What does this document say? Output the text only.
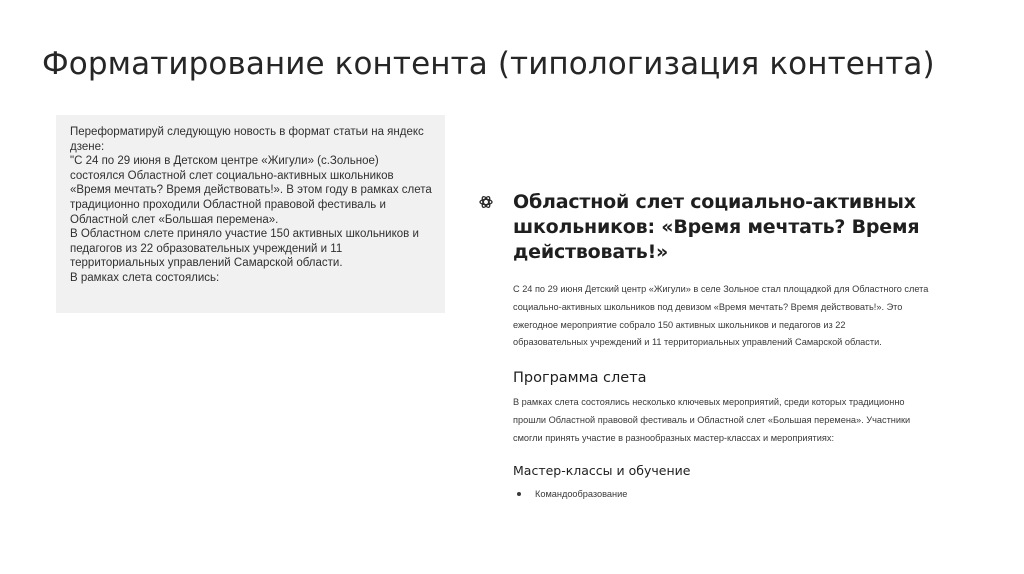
Форматирование контента (типологизация контента)
Переформатируй следующую новость в формат статьи на яндекс
дзене:
"С 24 по 29 июня в Детском центре «Жигули» (с.Зольное)
состоялся Областной слет социально-активных школьников
«Время мечтать? Время действовать!». В этом году в рамках слета
традиционно проходили Областной правовой фестиваль и
Областной слет «Большая перемена».
В Областном слете приняло участие 150 активных школьников и
педагогов из 22 образовательных учреждений и 11
территориальных управлений Самарской области.
В рамках слета состоялись:
Областной слет социально-активных
школьников: «Время мечтать? Время
действовать!»
С 24 по 29 июня Детский центр «Жигули» в селе Зольное стал площадкой для Областного слета
социально-активных школьников под девизом «Время мечтать? Время действовать!». Это
ежегодное мероприятие собрало 150 активных школьников и педагогов из 22
образовательных учреждений и 11 территориальных управлений Самарской области.
Программа слета
В рамках слета состоялись несколько ключевых мероприятий, среди которых традиционно
прошли Областной правовой фестиваль и Областной слет «Большая перемена». Участники
смогли принять участие в разнообразных мастер-классах и мероприятиях:
Мастер-классы и обучение
Командообразование
